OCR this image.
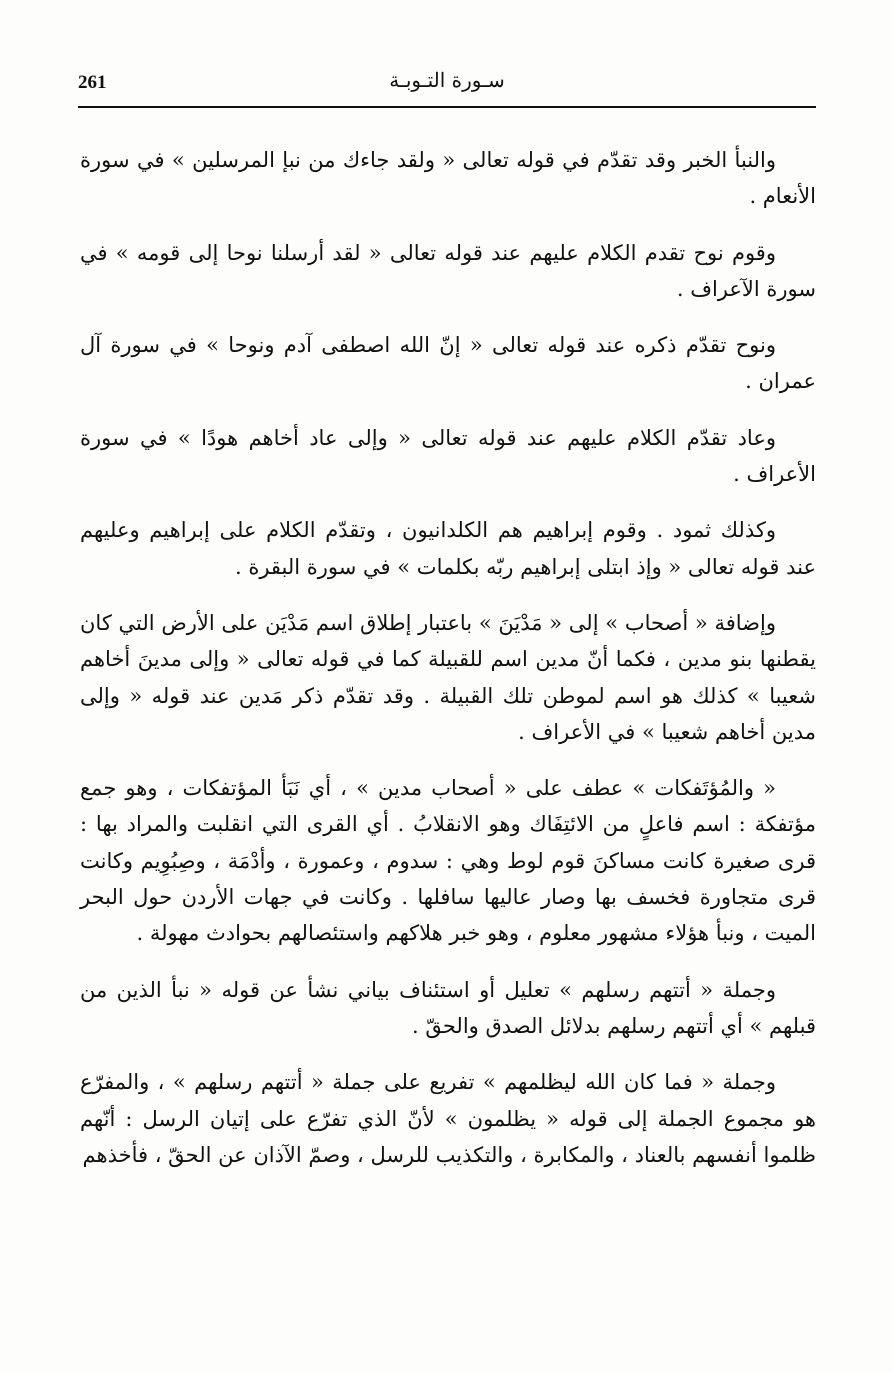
261	سـورة التـوبـة

والنبأ الخبر وقد تقدّم في قوله تعالى « ولقد جاءك من نبإ المرسلين » في سورة الأنعام .

وقوم نوح تقدم الكلام عليهم عند قوله تعالى « لقد أرسلنا نوحا إلى قومه » في سورة الآعراف .

ونوح تقدّم ذكره عند قوله تعالى « إنّ الله اصطفى آدم ونوحا » في سورة آل عمران .

وعاد تقدّم الكلام عليهم عند قوله تعالى « وإلى عاد أخاهم هودًا » في سورة الأعراف .

وكذلك ثمود . وقوم إبراهيم هم الكلدانيون ، وتقدّم الكلام على إبراهيم وعليهم عند قوله تعالى « وإذ ابتلى إبراهيم ربّه بكلمات » في سورة البقرة .

وإضافة « أصحاب » إلى « مَدْيَنَ » باعتبار إطلاق اسم مَدْيَن على الأرض التي كان يقطنها بنو مدين ، فكما أنّ مدين اسم للقبيلة كما في قوله تعالى « وإلى مدينَ أخاهم شعيبا » كذلك هو اسم لموطن تلك القبيلة . وقد تقدّم ذكر مَدين عند قوله « وإلى مدين أخاهم شعيبا » في الأعراف .

« والمُؤتَفكات » عطف على « أصحاب مدين » ، أي نَبَأ المؤتفكات ، وهو جمع مؤتفكة : اسم فاعلٍ من الائتِفَاك وهو الانقلابُ . أي القرى التي انقلبت والمراد بها : قرى صغيرة كانت مساكنَ قوم لوط وهي : سدوم ، وعمورة ، وأدْمَة ، وصِبُوِيم وكانت قرى متجاورة فخسف بها وصار عاليها سافلها . وكانت في جهات الأردن حول البحر الميت ، ونبأ هؤلاء مشهور معلوم ، وهو خبر هلاكهم واستئصالهم بحوادث مهولة .

وجملة « أتتهم رسلهم » تعليل أو استئناف بياني نشأ عن قوله « نبأ الذين من قبلهم » أي أتتهم رسلهم بدلائل الصدق والحقّ .

وجملة « فما كان الله ليظلمهم » تفريع على جملة « أتتهم رسلهم » ، والمفرّع هو مجموع الجملة إلى قوله « يظلمون » لأنّ الذي تفرّع على إتيان الرسل : أنّهم ظلموا أنفسهم بالعناد ، والمكابرة ، والتكذيب للرسل ، وصمّ الآذان عن الحقّ ، فأخذهم
